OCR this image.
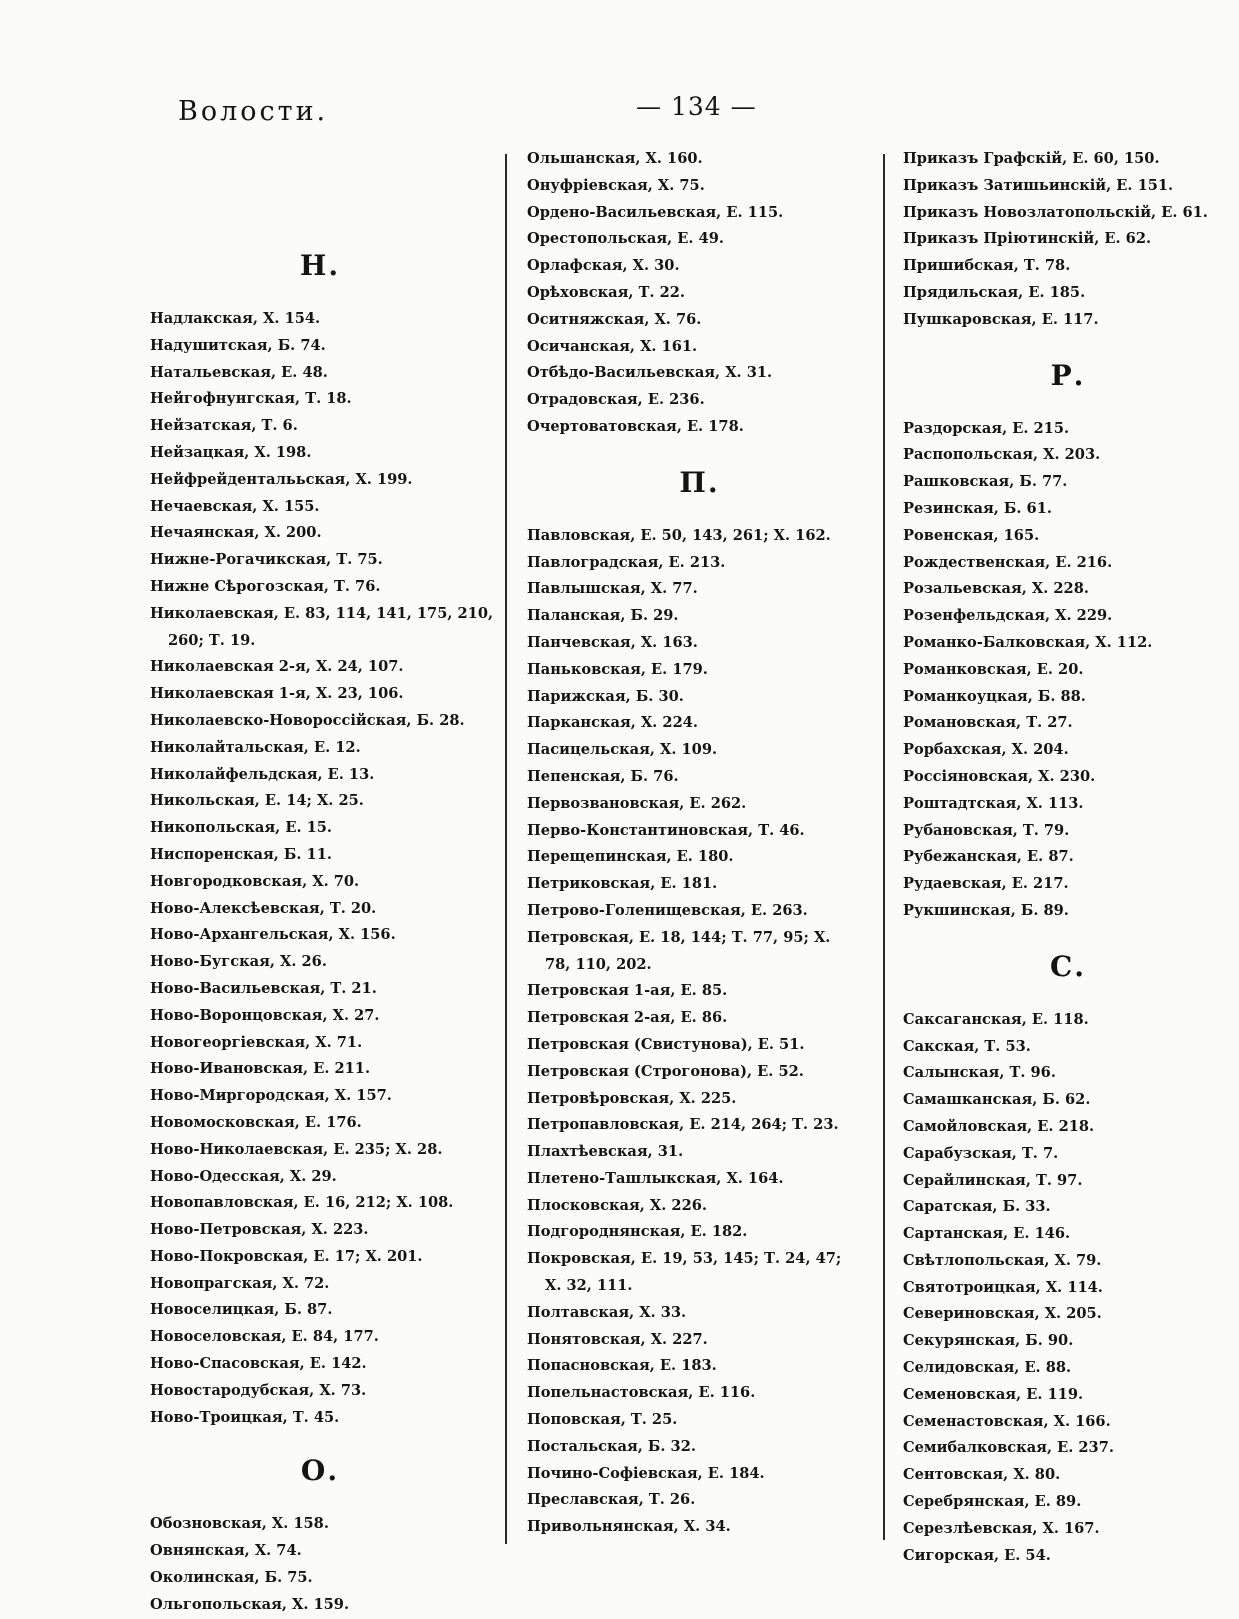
Волости.	— 134 —
Н.
Надлакская, Х. 154.
Надушитская, Б. 74.
Натальевская, Е. 48.
Нейгофнунгская, Т. 18.
Нейзатская, Т. 6.
Нейзацкая, Х. 198.
Нейфрейденталььская, Х. 199.
Нечаевская, Х. 155.
Нечаянская, Х. 200.
Нижне-Рогачикская, Т. 75.
Нижне Сѣрогозская, Т. 76.
Николаевская, Е. 83, 114, 141, 175, 210,
260; Т. 19.
Николаевская 2-я, Х. 24, 107.
Николаевская 1-я, Х. 23, 106.
Николаевско-Новороссійская, Б. 28.
Николайтальская, Е. 12.
Николайфельдская, Е. 13.
Никольская, Е. 14; Х. 25.
Никопольская, Е. 15.
Ниспоренская, Б. 11.
Новгородковская, Х. 70.
Ново-Алексѣевская, Т. 20.
Ново-Архангельская, Х. 156.
Ново-Бугская, Х. 26.
Ново-Васильевская, Т. 21.
Ново-Воронцовская, Х. 27.
Новогеоргіевская, Х. 71.
Ново-Ивановская, Е. 211.
Ново-Миргородская, Х. 157.
Новомосковская, Е. 176.
Ново-Николаевская, Е. 235; Х. 28.
Ново-Одесская, Х. 29.
Новопавловская, Е. 16, 212; Х. 108.
Ново-Петровская, Х. 223.
Ново-Покровская, Е. 17; Х. 201.
Новопрагская, Х. 72.
Новоселицкая, Б. 87.
Новоселовская, Е. 84, 177.
Ново-Спасовская, Е. 142.
Новостародубская, Х. 73.
Ново-Троицкая, Т. 45.
О.
Обозновская, Х. 158.
Овнянская, Х. 74.
Околинская, Б. 75.
Ольгопольская, Х. 159.
Ольшанская, Х. 160.
Онуфріевская, Х. 75.
Ордено-Васильевская, Е. 115.
Орестопольская, Е. 49.
Орлафская, Х. 30.
Орѣховская, Т. 22.
Оситняжская, Х. 76.
Осичанская, Х. 161.
Отбѣдо-Васильевская, Х. 31.
Отрадовская, Е. 236.
Очертоватовская, Е. 178.
П.
Павловская, Е. 50, 143, 261; Х. 162.
Павлоградская, Е. 213.
Павлышская, Х. 77.
Паланская, Б. 29.
Панчевская, Х. 163.
Паньковская, Е. 179.
Парижская, Б. 30.
Парканская, Х. 224.
Пасицельская, Х. 109.
Пепенская, Б. 76.
Первозвановская, Е. 262.
Перво-Константиновская, Т. 46.
Перещепинская, Е. 180.
Петриковская, Е. 181.
Петрово-Голенищевская, Е. 263.
Петровская, Е. 18, 144; Т. 77, 95; Х.
78, 110, 202.
Петровская 1-ая, Е. 85.
Петровская 2-ая, Е. 86.
Петровская (Свистунова), Е. 51.
Петровская (Строгонова), Е. 52.
Петровѣровская, Х. 225.
Петропавловская, Е. 214, 264; Т. 23.
Плахтѣевская, 31.
Плетено-Ташлыкская, Х. 164.
Плосковская, Х. 226.
Подгороднянская, Е. 182.
Покровская, Е. 19, 53, 145; Т. 24, 47;
Х. 32, 111.
Полтавская, Х. 33.
Понятовская, Х. 227.
Попасновская, Е. 183.
Попельнастовская, Е. 116.
Поповская, Т. 25.
Постальская, Б. 32.
Почино-Софіевская, Е. 184.
Преславская, Т. 26.
Привольнянская, Х. 34.
Приказъ Графскій, Е. 60, 150.
Приказъ Затишьинскій, Е. 151.
Приказъ Новозлатопольскій, Е. 61.
Приказъ Пріютинскій, Е. 62.
Пришибская, Т. 78.
Прядильская, Е. 185.
Пушкаровская, Е. 117.
Р.
Раздорская, Е. 215.
Распопольская, Х. 203.
Рашковская, Б. 77.
Резинская, Б. 61.
Ровенская, 165.
Рождественская, Е. 216.
Розальевская, Х. 228.
Розенфельдская, Х. 229.
Романко-Балковская, Х. 112.
Романковская, Е. 20.
Романкоуцкая, Б. 88.
Романовская, Т. 27.
Рорбахская, Х. 204.
Россіяновская, Х. 230.
Роштадтская, Х. 113.
Рубановская, Т. 79.
Рубежанская, Е. 87.
Рудаевская, Е. 217.
Рукшинская, Б. 89.
С.
Саксаганская, Е. 118.
Сакская, Т. 53.
Салынская, Т. 96.
Самашканская, Б. 62.
Самойловская, Е. 218.
Сарабузская, Т. 7.
Серайлинская, Т. 97.
Саратская, Б. 33.
Сартанская, Е. 146.
Свѣтлопольская, Х. 79.
Святотроицкая, Х. 114.
Севериновская, Х. 205.
Секурянская, Б. 90.
Селидовская, Е. 88.
Семеновская, Е. 119.
Семенастовская, Х. 166.
Семибалковская, Е. 237.
Сентовская, Х. 80.
Серебрянская, Е. 89.
Серезлѣевская, Х. 167.
Сигорская, Е. 54.
